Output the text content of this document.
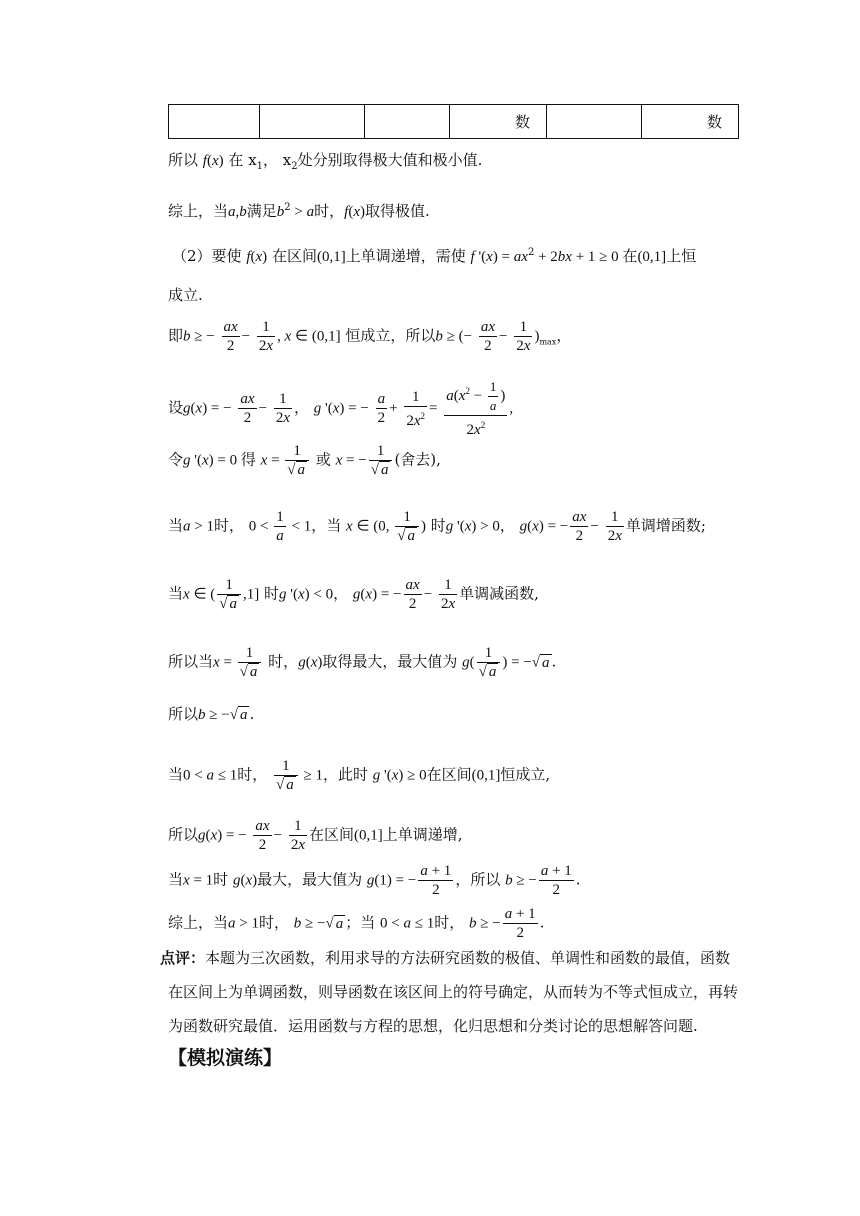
			数		数
所以 f(x) 在 $x_1$， $x_2$处分别取得极大值和极小值.
综上，当a,b满足$b^2 > a$时，f(x)取得极值.
（2）要使 f(x) 在区间(0,1]上单调递增，需使 f '$(x) = ax^2 + 2bx + 1 \ge 0$ 在(0,1]上恒
成立.
即b ≥ − $\frac{ax}{2} - \frac{1}{2x}$ , x ∈ (0,1] 恒成立，所以b ≥ (− $\frac{ax}{2} - \frac{1}{2x} )_{max}$，
设g(x) = − $\frac{ax}{2} - \frac{1}{2x}$ ， g '(x) = − $\frac{a}{2} + \frac{1}{2x^2} = \frac{a(x^2 - \frac{1}{a} )}{2x^2}$ ,
令g '(x) = 0 得 $x = \frac{1}{√ a}$ 或 x = − $\frac{1}{√ a}$ (舍去),
当a > 1时， $0 < \frac{1}{a} < 1$，当 x ∈ (0, $\frac{1}{√ a}$ ) 时g '(x) > 0， g(x) = − $\frac{ax}{2} - \frac{1}{2x}$ 单调增函数;
当x ∈ ( $\frac{1}{√ a} ,1$] 时g '(x) < 0， g(x) = − $\frac{ax}{2} - \frac{1}{2x}$ 单调减函数,
所以当$x = \frac{1}{√ a}$ 时，g(x)取得最大，最大值为 $g( \frac{1}{√ a}$ ) = −√ a .
所以b ≥ −√ a .
当0 < a ≤ 1时， $\frac{1}{√ a} \ge 1$，此时 g '(x) ≥ 0在区间(0,1]恒成立,
所以g(x) = − $\frac{ax}{2} - \frac{1}{2x}$ 在区间(0,1]上单调递增,
当x = 1时 g(x)最大，最大值为 g(1) = − $\frac{a + 1}{2}$ ，所以 b ≥ − $\frac{a + 1}{2}$ .
综上，当a > 1时， b ≥ −√ a ；当 0 < a ≤ 1时， b ≥ − $\frac{a + 1}{2}$ .
点评：本题为三次函数，利用求导的方法研究函数的极值、单调性和函数的最值，函数在区间上为单调函数，则导函数在该区间上的符号确定，从而转为不等式恒成立，再转为函数研究最值．运用函数与方程的思想，化归思想和分类讨论的思想解答问题.
【模拟演练】
